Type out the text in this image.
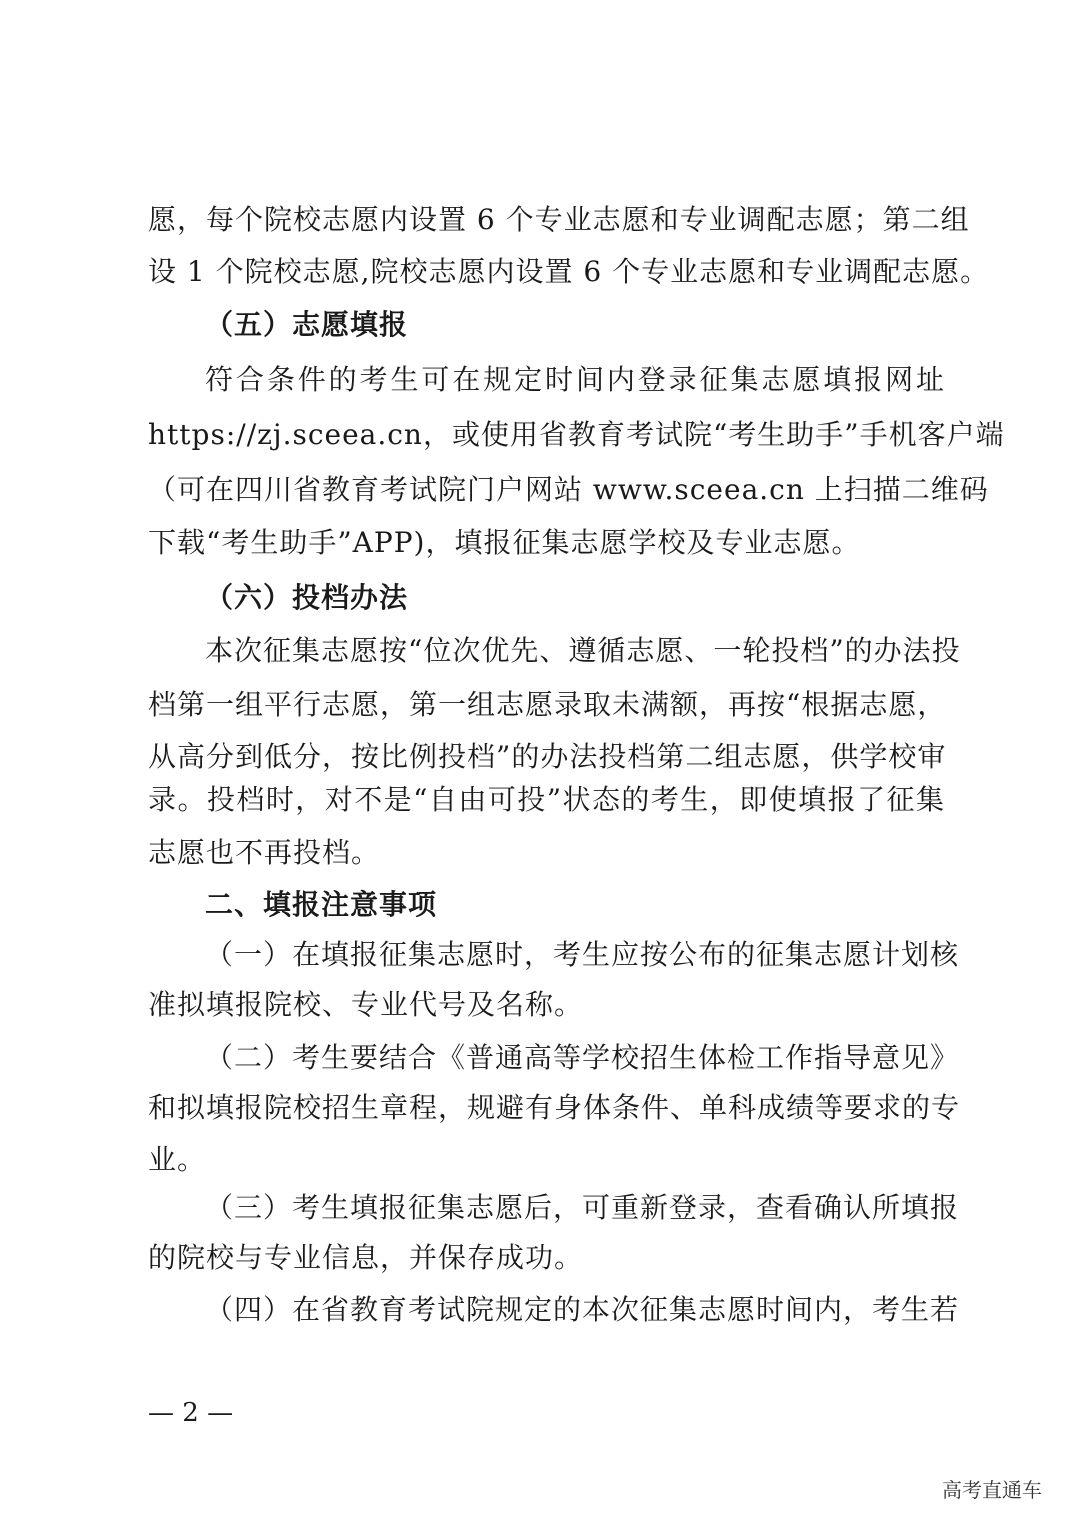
愿，每个院校志愿内设置 6 个专业志愿和专业调配志愿；第二组
设 1 个院校志愿,院校志愿内设置 6 个专业志愿和专业调配志愿。
（五）志愿填报
符合条件的考生可在规定时间内登录征集志愿填报网址
https://zj.sceea.cn，或使用省教育考试院“考生助手”手机客户端
（可在四川省教育考试院门户网站 www.sceea.cn 上扫描二维码
下载“考生助手”APP)，填报征集志愿学校及专业志愿。
（六）投档办法
本次征集志愿按“位次优先、遵循志愿、一轮投档”的办法投
档第一组平行志愿，第一组志愿录取未满额，再按“根据志愿，
从高分到低分，按比例投档”的办法投档第二组志愿，供学校审
录。投档时，对不是“自由可投”状态的考生，即使填报了征集
志愿也不再投档。
二、填报注意事项
（一）在填报征集志愿时，考生应按公布的征集志愿计划核
准拟填报院校、专业代号及名称。
（二）考生要结合《普通高等学校招生体检工作指导意见》
和拟填报院校招生章程，规避有身体条件、单科成绩等要求的专
业。
（三）考生填报征集志愿后，可重新登录，查看确认所填报
的院校与专业信息，并保存成功。
（四）在省教育考试院规定的本次征集志愿时间内，考生若
— 2 —
高考直通车
